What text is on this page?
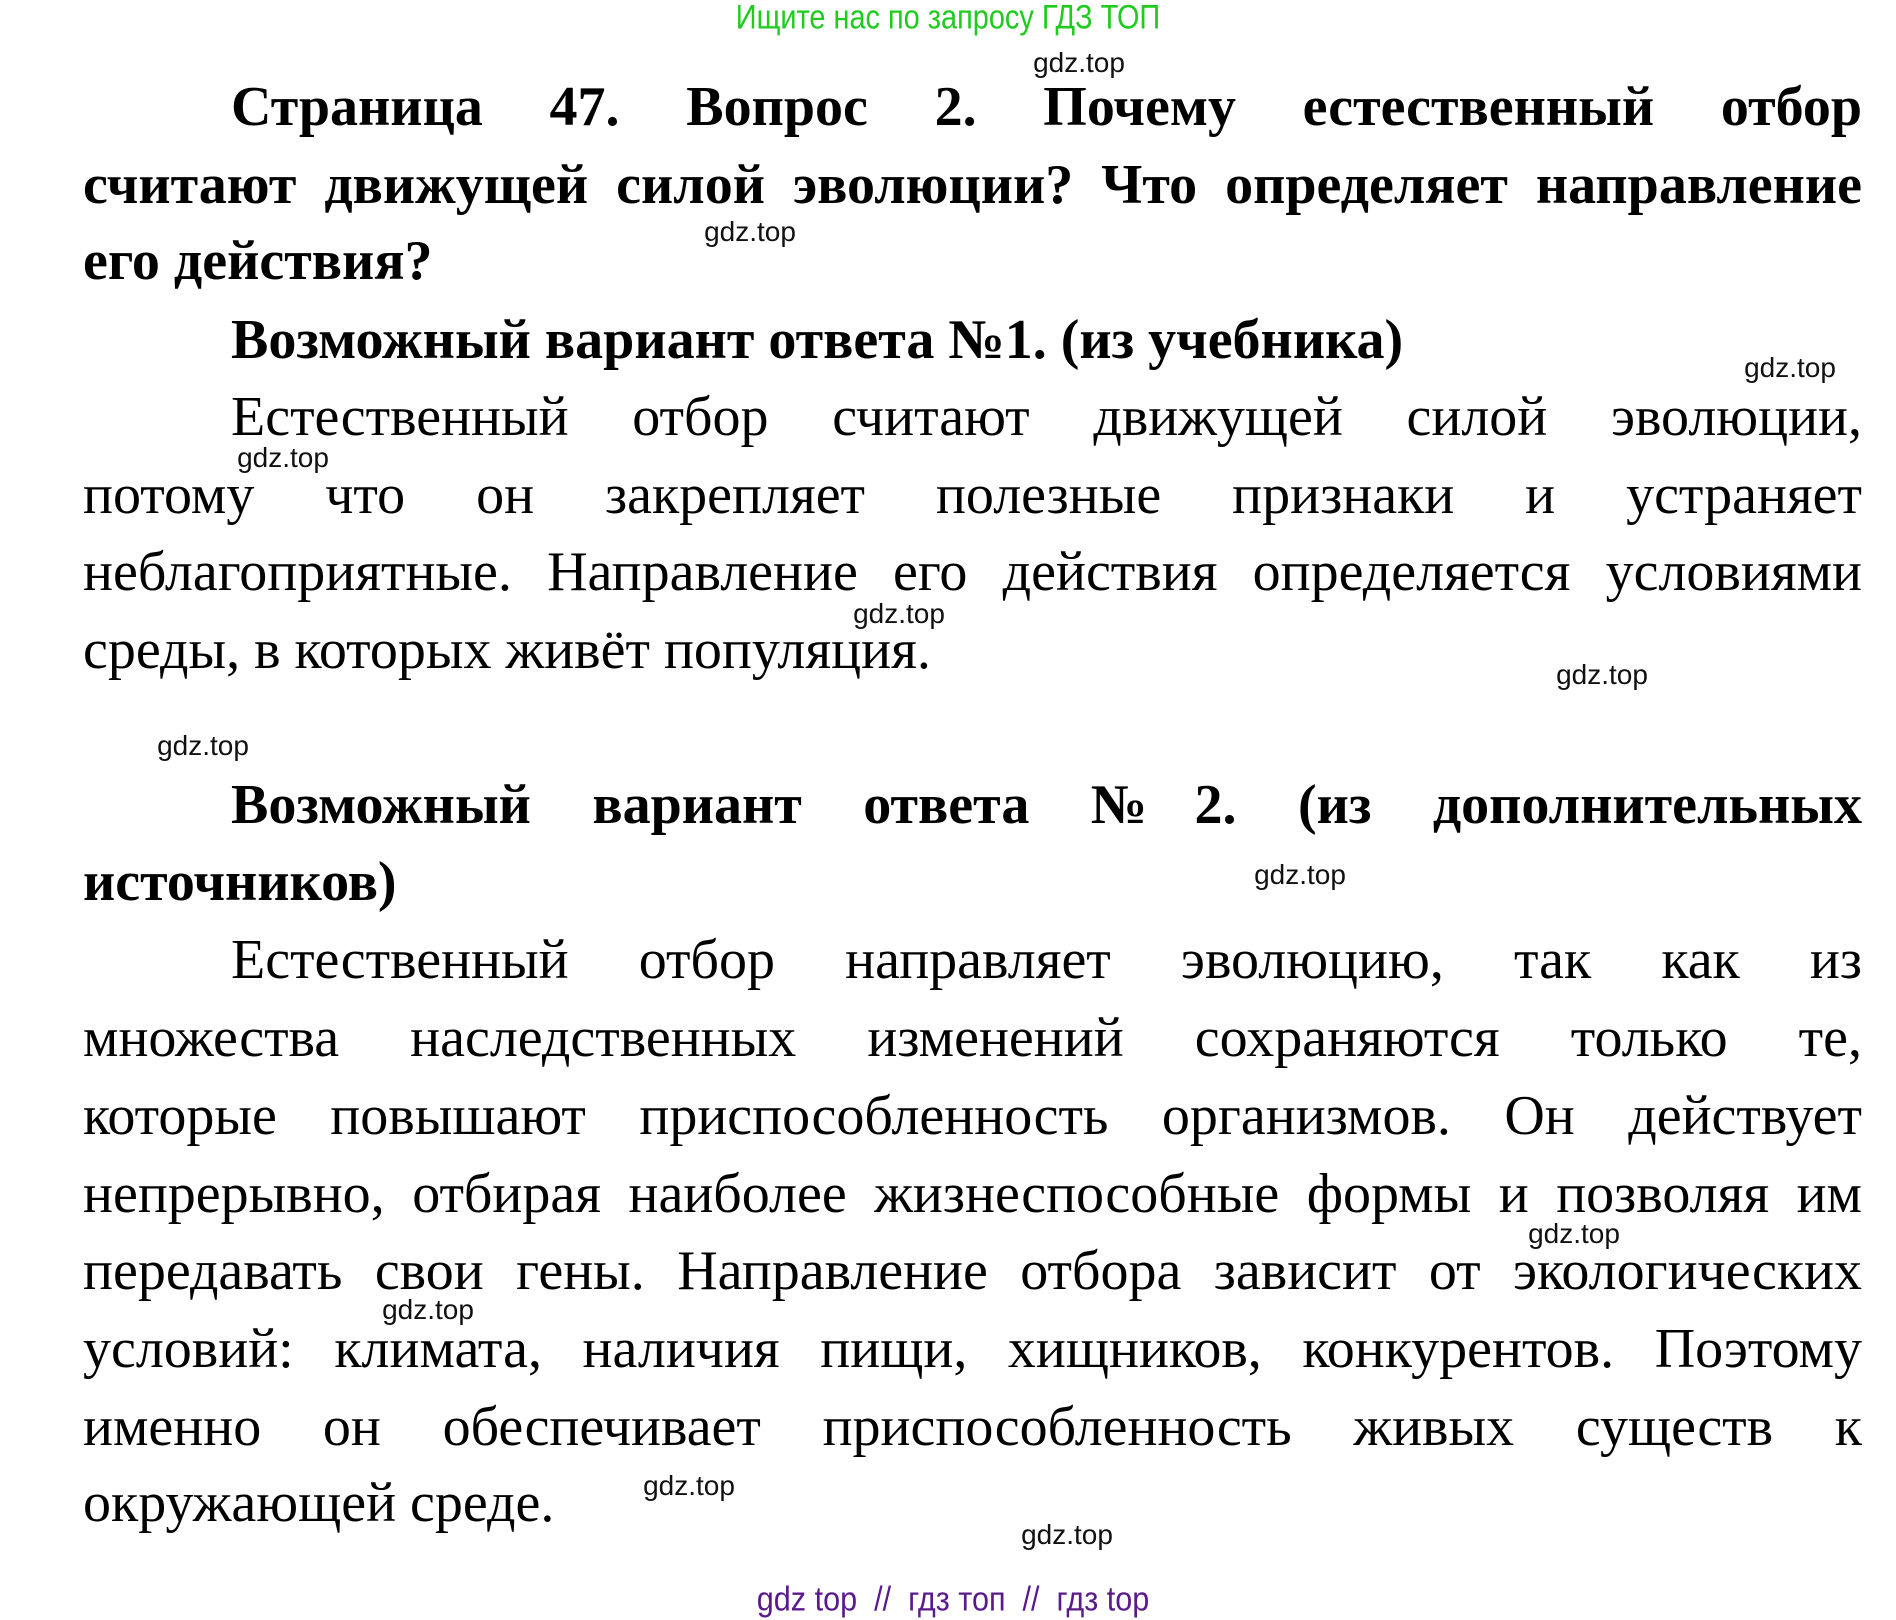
Ищите нас по запросу ГДЗ ТОП
Страница 47. Вопрос 2. Почему естественный отбор
считают движущей силой эволюции? Что определяет направление
его действия?
Возможный вариант ответа №1. (из учебника)
Естественный отбор считают движущей силой эволюции,
потому что он закрепляет полезные признаки и устраняет
неблагоприятные. Направление его действия определяется условиями
среды, в которых живёт популяция.
Возможный вариант ответа №2. (из дополнительных
источников)
Естественный отбор направляет эволюцию, так как из
множества наследственных изменений сохраняются только те,
которые повышают приспособленность организмов. Он действует
непрерывно, отбирая наиболее жизнеспособные формы и позволяя им
передавать свои гены. Направление отбора зависит от экологических
условий: климата, наличия пищи, хищников, конкурентов. Поэтому
именно он обеспечивает приспособленность живых существ к
окружающей среде.
gdz.top
gdz.top
gdz.top
gdz.top
gdz.top
gdz.top
gdz.top
gdz.top
gdz.top
gdz.top
gdz.top
gdz.top
gdz top  //  гдз топ  //  гдз top
